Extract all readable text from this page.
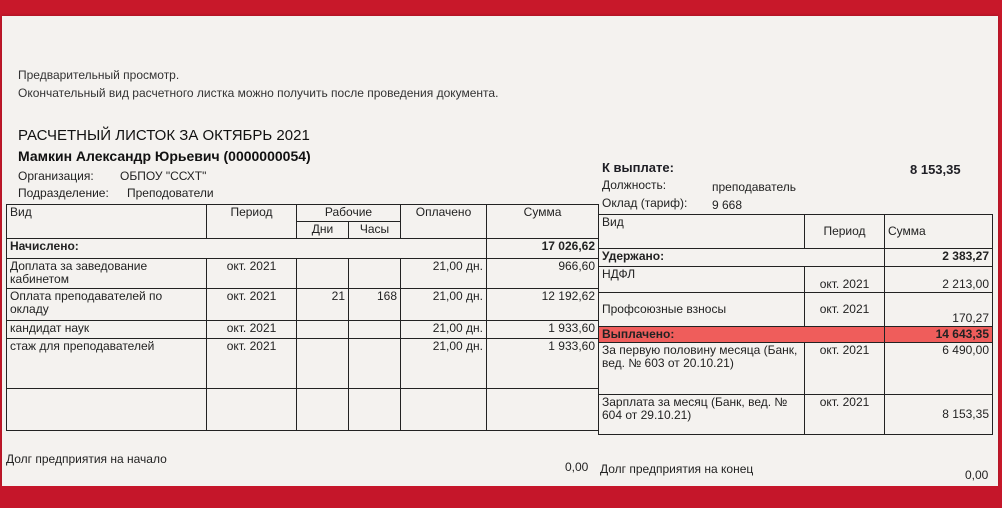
Предварительный просмотр.
Окончательный вид расчетного листка можно получить после проведения документа.
РАСЧЕТНЫЙ ЛИСТОК ЗА ОКТЯБРЬ 2021
Мамкин Александр Юрьевич (0000000054)
Организация: ОБПОУ "ССХТ"
Подразделение: Преподователи
К выплате:	8 153,35
Должность:	преподаватель
Оклад (тариф): 9 668
Вид	Период	Рабочие		Оплачено	Сумма
		Дни	Часы		
Начислено:					17 026,62
Доплата за заведование кабинетом	окт. 2021			21,00 дн.	966,60
Оплата преподавателей по окладу	окт. 2021	21	168	21,00 дн.	12 192,62
кандидат наук	окт. 2021			21,00 дн.	1 933,60
стаж для преподавателей	окт. 2021			21,00 дн.	1 933,60

Вид	Период	Сумма
Удержано:		2 383,27
НДФЛ	окт. 2021	2 213,00
Профсоюзные взносы	окт. 2021	170,27
Выплачено:		14 643,35
За первую половину месяца (Банк, вед. № 603 от 20.10.21)	окт. 2021	6 490,00
Зарплата за месяц (Банк, вед. № 604 от 29.10.21)	окт. 2021	8 153,35
Долг предприятия на начало
0,00 Долг предприятия на конец	0,00
